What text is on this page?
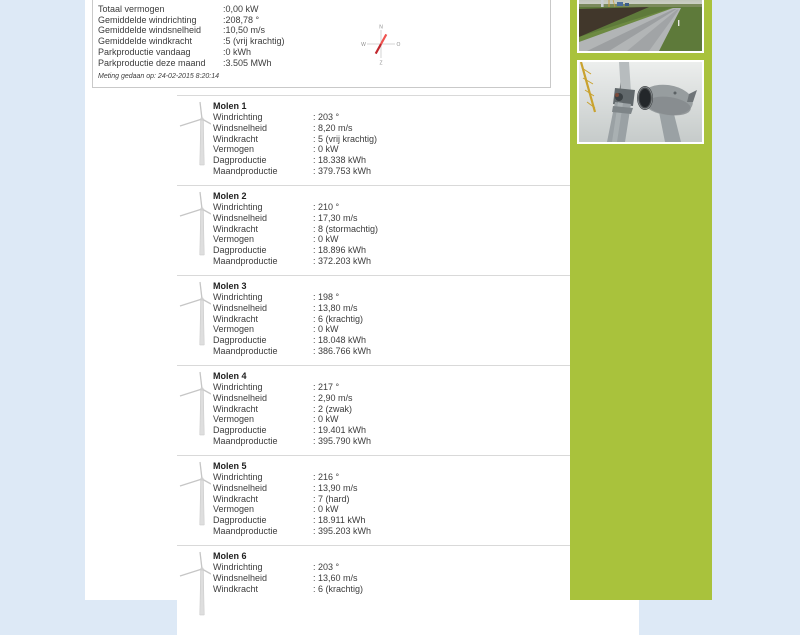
Totaal vermogen	:0,00 kW
Gemiddelde windrichting	:208,78 °
Gemiddelde windsnelheid :10,50 m/s
Gemiddelde windkracht	:5 (vrij krachtig)
Parkproductie vandaag	:0 kWh
Parkproductie deze maand :3.505 MWh
Meting gedaan op: 24-02-2015 8:20:14
N
O
Z
W
Molen 1
Windrichting	: 203 °
Windsnelheid	: 8,20 m/s
Windkracht	: 5 (vrij krachtig)
Vermogen	: 0 kW
Dagproductie	: 18.338 kWh
Maandproductie	: 379.753 kWh
Molen 2
Windrichting	: 210 °
Windsnelheid	: 17,30 m/s
Windkracht	: 8 (stormachtig)
Vermogen	: 0 kW
Dagproductie	: 18.896 kWh
Maandproductie	: 372.203 kWh
Molen 3
Windrichting	: 198 °
Windsnelheid	: 13,80 m/s
Windkracht	: 6 (krachtig)
Vermogen	: 0 kW
Dagproductie	: 18.048 kWh
Maandproductie	: 386.766 kWh
Molen 4
Windrichting	: 217 °
Windsnelheid	: 2,90 m/s
Windkracht	: 2 (zwak)
Vermogen	: 0 kW
Dagproductie	: 19.401 kWh
Maandproductie	: 395.790 kWh
Molen 5
Windrichting	: 216 °
Windsnelheid	: 13,90 m/s
Windkracht	: 7 (hard)
Vermogen	: 0 kW
Dagproductie	: 18.911 kWh
Maandproductie	: 395.203 kWh
Molen 6
Windrichting	: 203 °
Windsnelheid	: 13,60 m/s
Windkracht	: 6 (krachtig)
